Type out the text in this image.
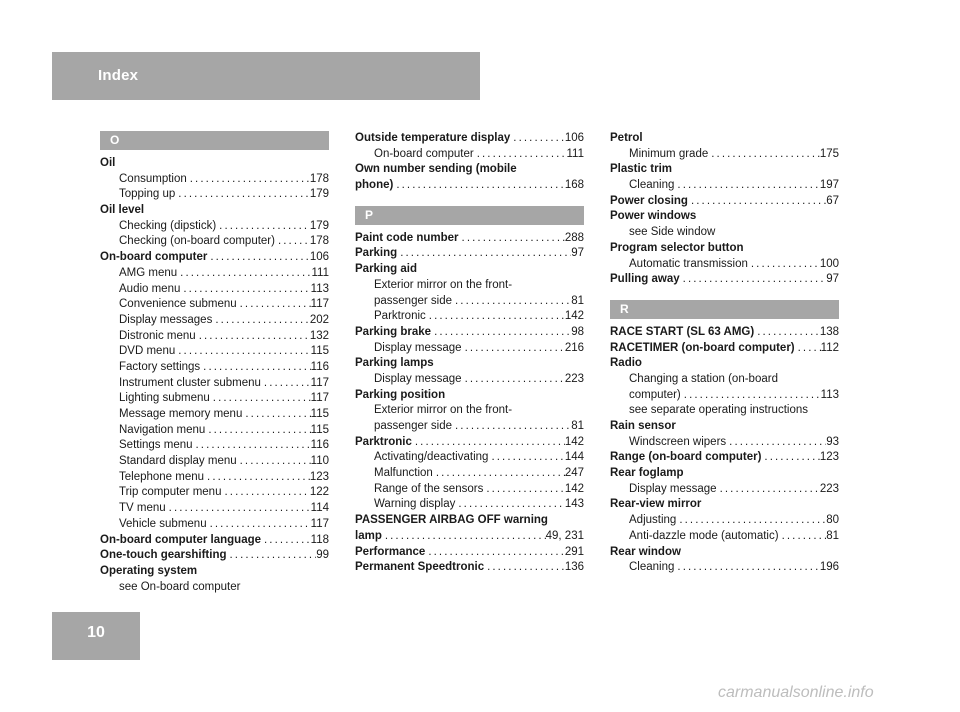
Index
O
Oil
Consumption .....	178
Topping up .....	179
Oil level
Checking (dipstick) .....	179
Checking (on-board computer) .....	178
On-board computer .....	106
AMG menu .....	111
Audio menu .....	113
Convenience submenu .....	117
Display messages .....	202
Distronic menu .....	132
DVD menu .....	115
Factory settings .....	116
Instrument cluster submenu .....	117
Lighting submenu .....	117
Message memory menu .....	115
Navigation menu .....	115
Settings menu .....	116
Standard display menu .....	110
Telephone menu .....	123
Trip computer menu .....	122
TV menu .....	114
Vehicle submenu .....	117
On-board computer language .....	118
One-touch gearshifting .....	99
Operating system
see On-board computer
Outside temperature display .....	106
On-board computer .....	111
Own number sending (mobile
phone) .....	168
P
Paint code number .....	288
Parking .....	97
Parking aid
Exterior mirror on the front-
passenger side .....	81
Parktronic .....	142
Parking brake .....	98
Display message .....	216
Parking lamps
Display message .....	223
Parking position
Exterior mirror on the front-
passenger side .....	81
Parktronic .....	142
Activating/deactivating .....	144
Malfunction .....	247
Range of the sensors .....	142
Warning display .....	143
PASSENGER AIRBAG OFF warning
lamp .....	49, 231
Performance .....	291
Permanent Speedtronic .....	136
Petrol
Minimum grade .....	175
Plastic trim
Cleaning .....	197
Power closing .....	67
Power windows
see Side window
Program selector button
Automatic transmission .....	100
Pulling away .....	97
R
RACE START (SL 63 AMG) .....	138
RACETIMER (on-board computer) ..... 112
Radio
Changing a station (on-board
computer) .....	113
see separate operating instructions
Rain sensor
Windscreen wipers .....	93
Range (on-board computer) .....	123
Rear foglamp
Display message .....	223
Rear-view mirror
Adjusting .....	80
Anti-dazzle mode (automatic) .....	81
Rear window
Cleaning .....	196
10
carmanualsonline.info
